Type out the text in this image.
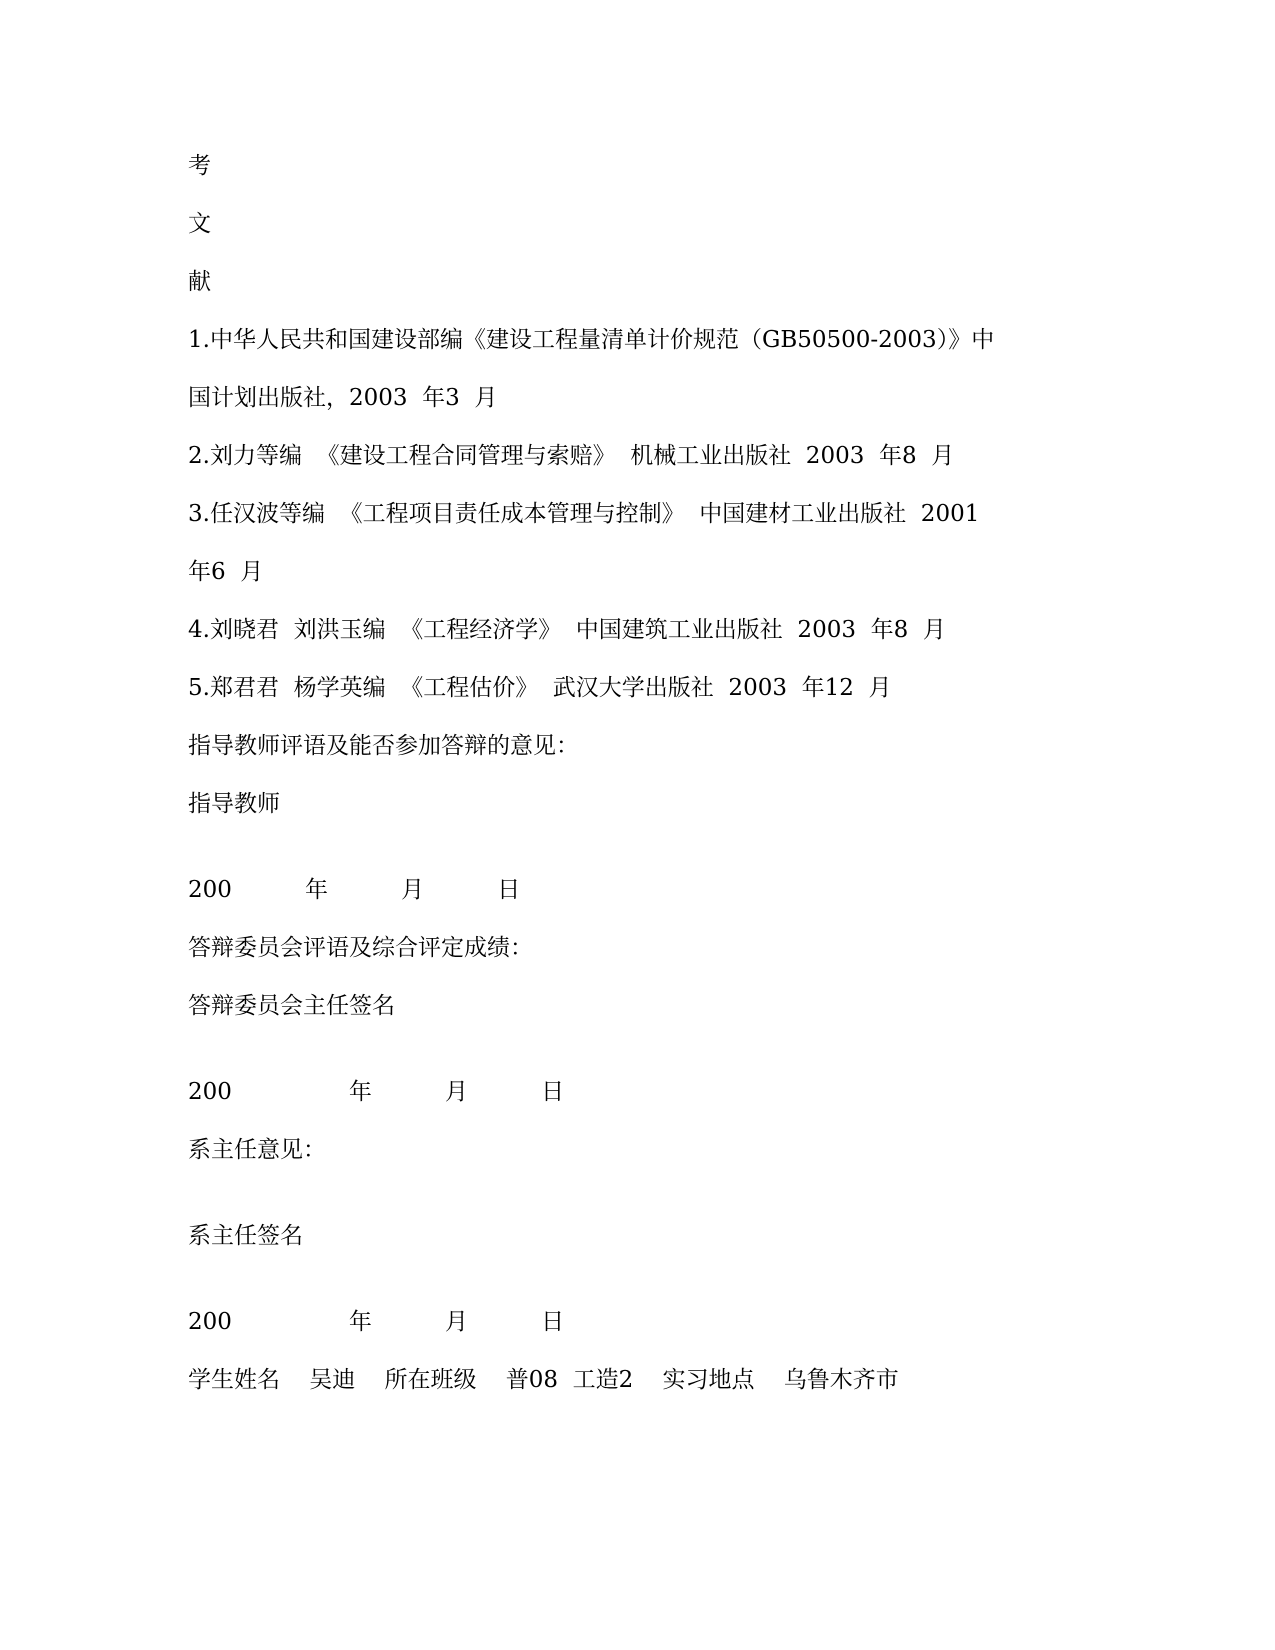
考
文
献
1.中华人民共和国建设部编《建设工程量清单计价规范（GB50500-2003）》中
国计划出版社，2003  年3  月
2.刘力等编  《建设工程合同管理与索赔》  机械工业出版社  2003  年8  月
3.任汉波等编  《工程项目责任成本管理与控制》  中国建材工业出版社  2001
年6  月
4.刘晓君  刘洪玉编  《工程经济学》  中国建筑工业出版社  2003  年8  月
5.郑君君  杨学英编  《工程估价》  武汉大学出版社  2003  年12  月
指导教师评语及能否参加答辩的意见：
指导教师
200          年          月          日
答辩委员会评语及综合评定成绩：
答辩委员会主任签名
200                年          月          日
系主任意见：
系主任签名
200                年          月          日
学生姓名    吴迪    所在班级    普08  工造2    实习地点    乌鲁木齐市
